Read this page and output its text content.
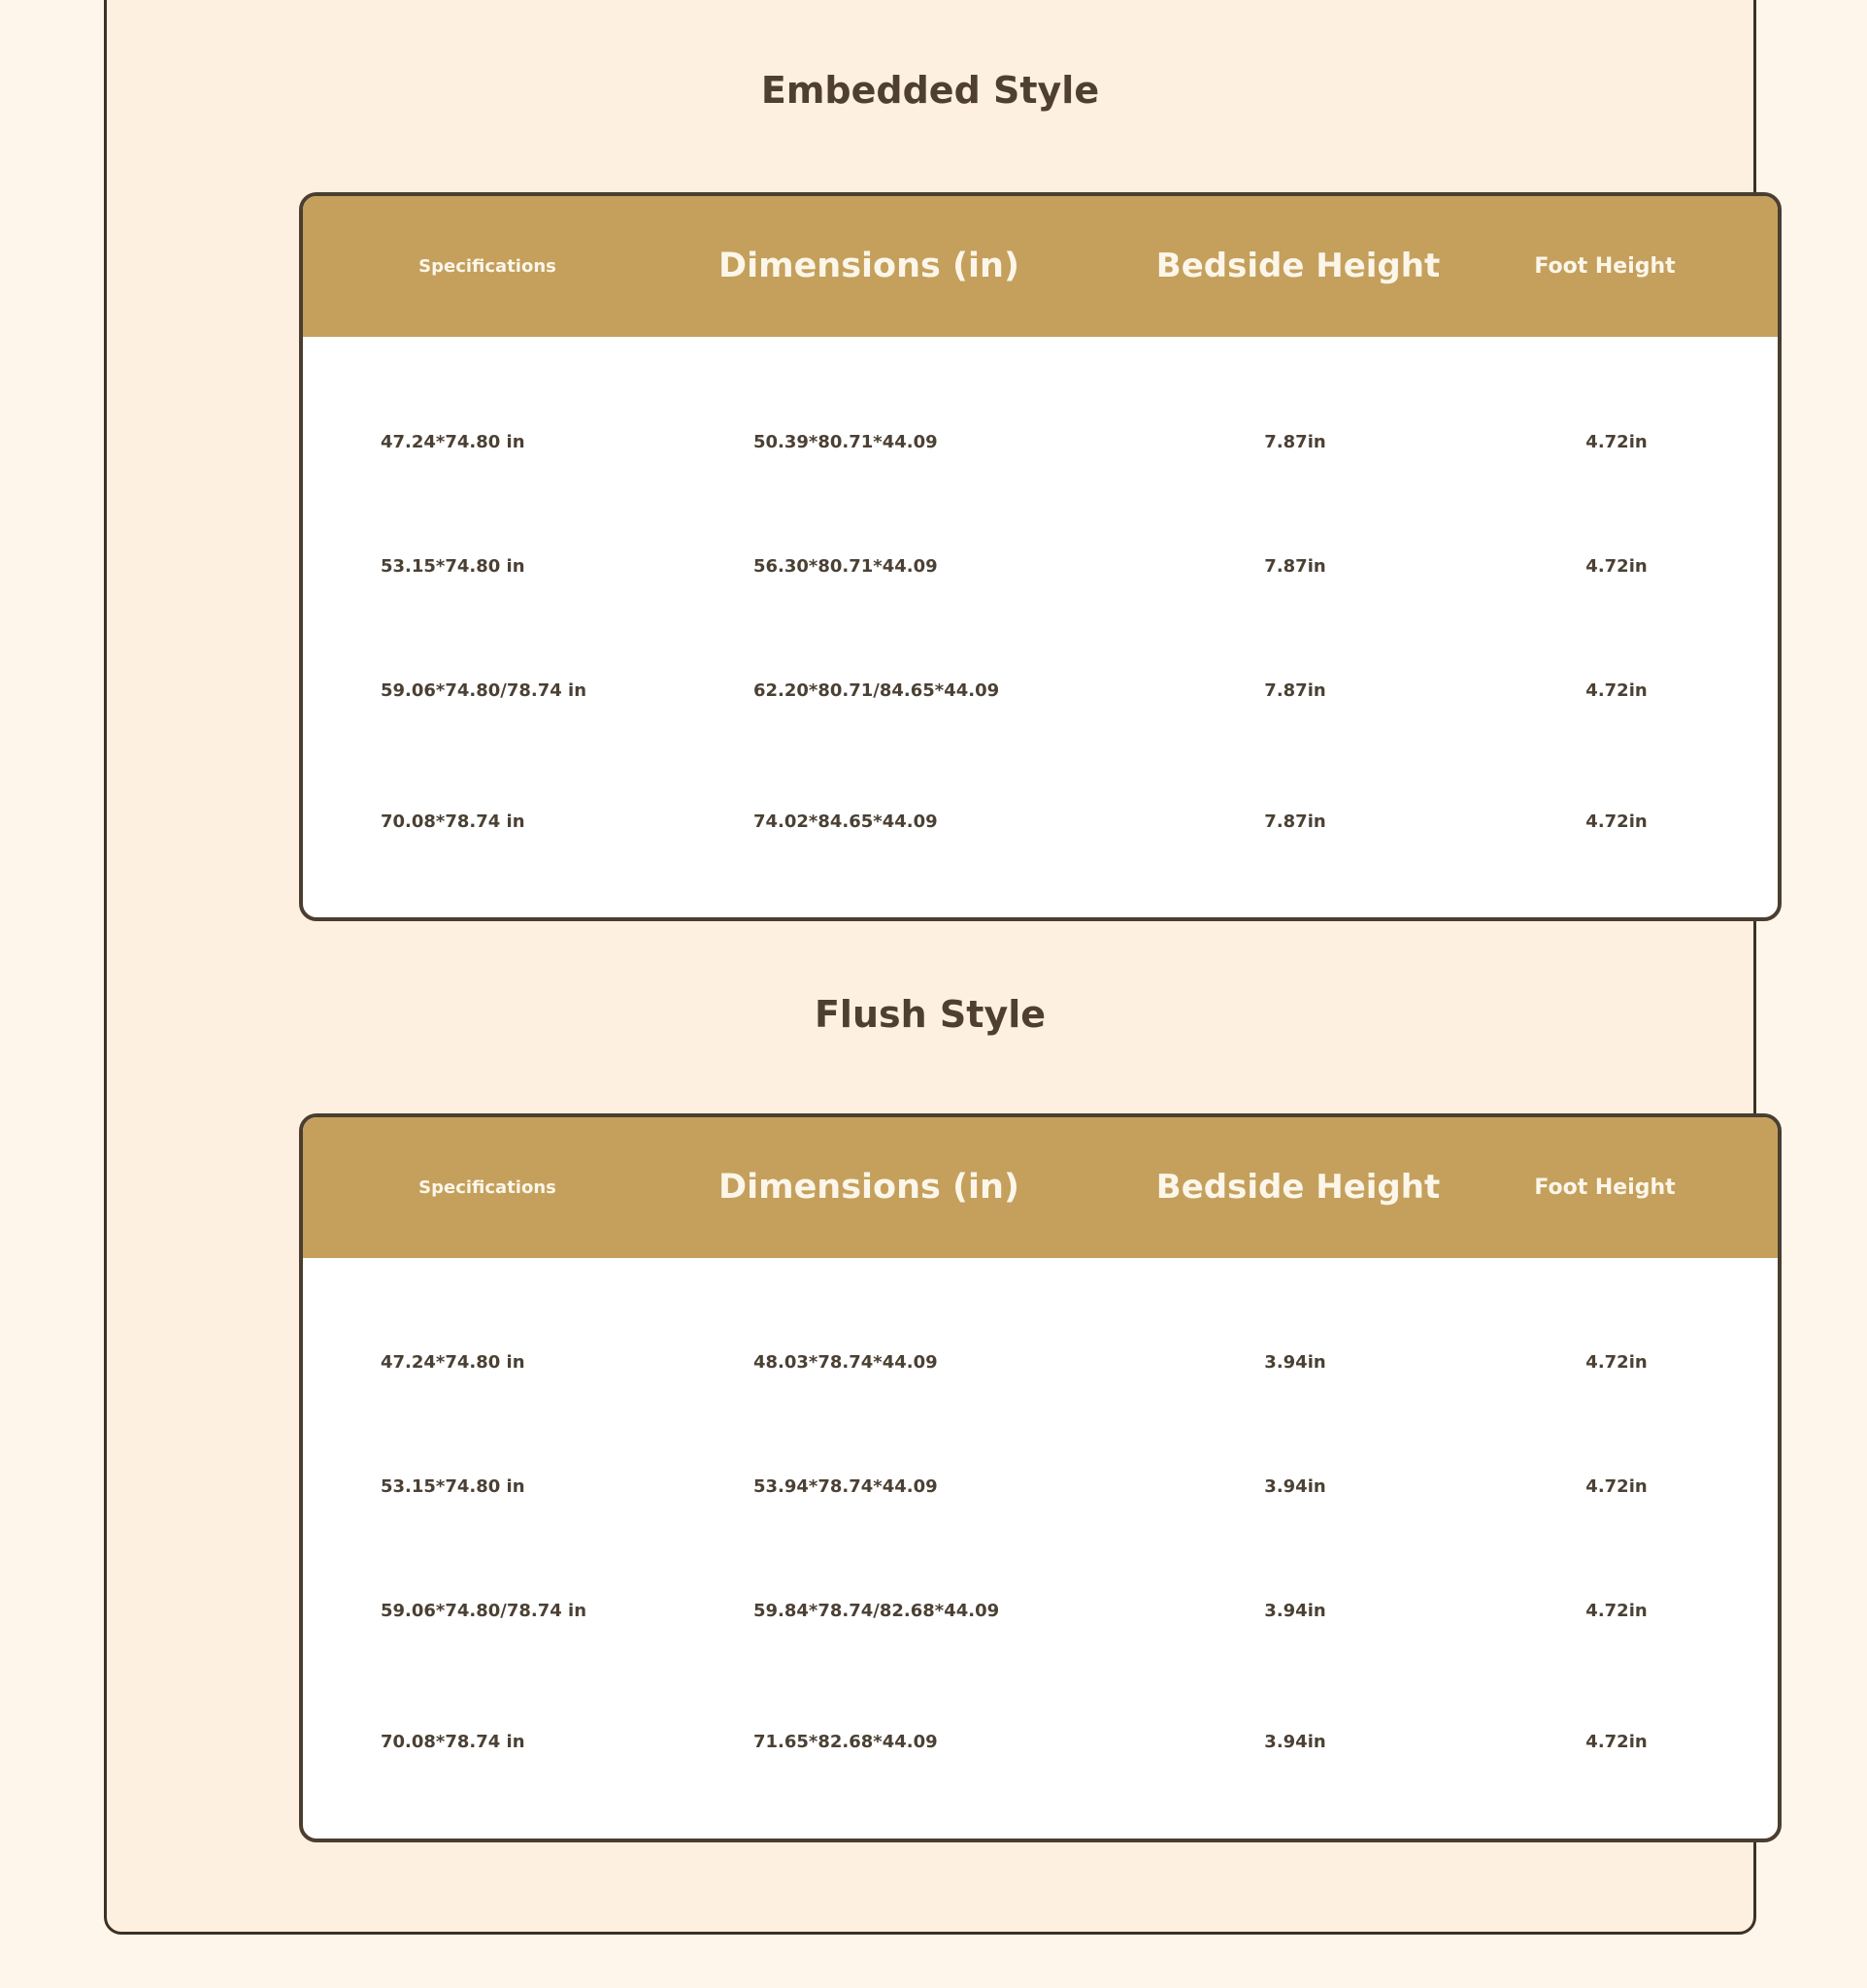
Embedded Style
Specifications	Dimensions (in)	Bedside Height	Foot Height
47.24*74.80 in	50.39*80.71*44.09	7.87in	4.72in
53.15*74.80 in	56.30*80.71*44.09	7.87in	4.72in
59.06*74.80/78.74 in	62.20*80.71/84.65*44.09	7.87in	4.72in
70.08*78.74 in	74.02*84.65*44.09	7.87in	4.72in
Flush Style
Specifications	Dimensions (in)	Bedside Height	Foot Height
47.24*74.80 in	48.03*78.74*44.09	3.94in	4.72in
53.15*74.80 in	53.94*78.74*44.09	3.94in	4.72in
59.06*74.80/78.74 in	59.84*78.74/82.68*44.09	3.94in	4.72in
70.08*78.74 in	71.65*82.68*44.09	3.94in	4.72in
